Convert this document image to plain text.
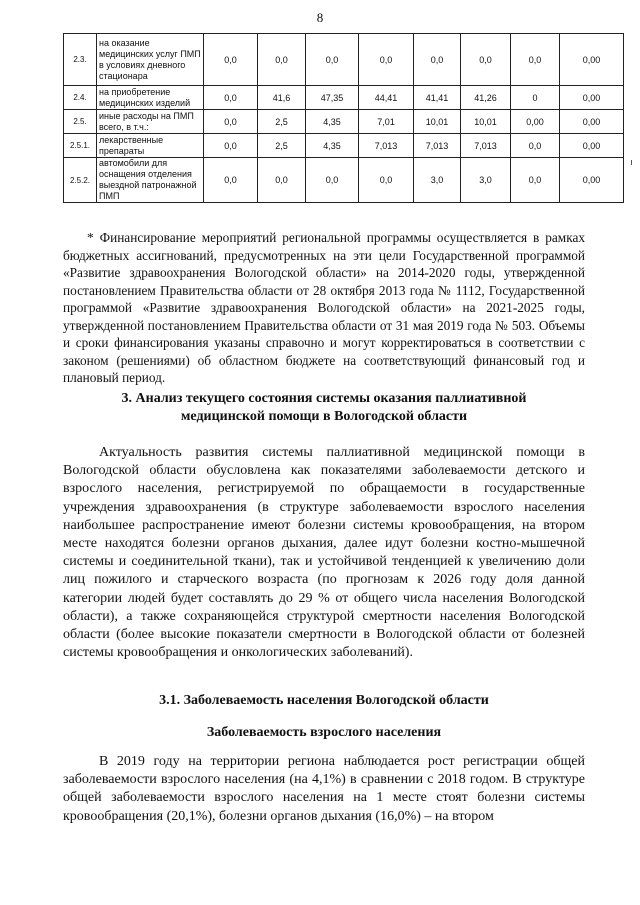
8
2.3.	на оказание медицинских услуг ПМП в условиях дневного стационара	0,0	0,0	0,0	0,0	0,0	0,0	0,0	0,00
2.4.	на приобретение медицинских изделий	0,0	41,6	47,35	44,41	41,41	41,26	0	0,00
2.5.	иные расходы на ПМП всего, в т.ч.:	0,0	2,5	4,35	7,01	10,01	10,01	0,00	0,00
2.5.1.	лекарственные препараты	0,0	2,5	4,35	7,013	7,013	7,013	0,0	0,00
2.5.2.	автомобили для оснащения отделения выездной патронажной ПМП	0,0	0,0	0,0	0,0	3,0	3,0	0,0	0,00

* Финансирование мероприятий региональной программы осуществляется в рамках бюджетных ассигнований, предусмотренных на эти цели Государственной программой «Развитие здравоохранения Вологодской области» на 2014-2020 годы, утвержденной постановлением Правительства области от 28 октября 2013 года № 1112, Государственной программой «Развитие здравоохранения Вологодской области» на 2021-2025 годы, утвержденной постановлением Правительства области от 31 мая 2019 года № 503. Объемы и сроки финансирования указаны справочно и могут корректироваться в соответствии с законом (решениями) об областном бюджете на соответствующий финансовый год и плановый период.

3. Анализ текущего состояния системы оказания паллиативной
медицинской помощи в Вологодской области

Актуальность развития системы паллиативной медицинской помощи в Вологодской области обусловлена как показателями заболеваемости детского и взрослого населения, регистрируемой по обращаемости в государственные учреждения здравоохранения (в структуре заболеваемости взрослого населения наибольшее распространение имеют болезни системы кровообращения, на втором месте находятся болезни органов дыхания, далее идут болезни костно-мышечной системы и соединительной ткани), так и устойчивой тенденцией к увеличению доли лиц пожилого и старческого возраста (по прогнозам к 2026 году доля данной категории людей будет составлять до 29 % от общего числа населения Вологодской области), а также сохраняющейся структурой смертности населения Вологодской области (более высокие показатели смертности в Вологодской области от болезней системы кровообращения и онкологических заболеваний).

3.1. Заболеваемость населения Вологодской области
Заболеваемость взрослого населения

В 2019 году на территории региона наблюдается рост регистрации общей заболеваемости взрослого населения (на 4,1%) в сравнении с 2018 годом. В структуре общей заболеваемости взрослого населения на 1 месте стоят болезни системы кровообращения (20,1%), болезни органов дыхания (16,0%) – на втором
